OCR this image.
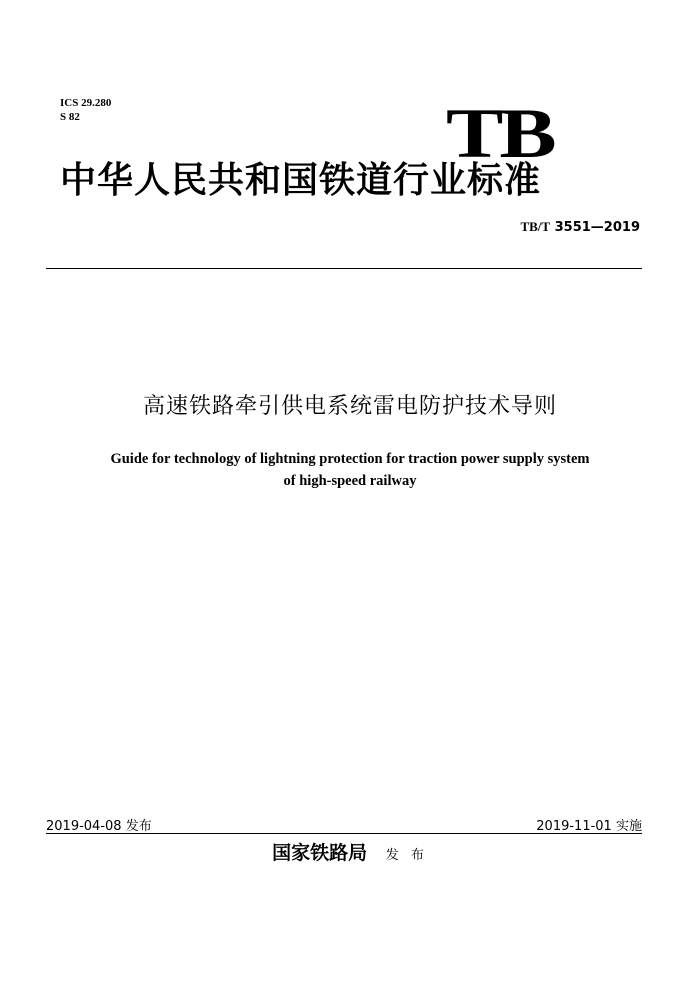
ICS 29.280
S 82	TB
中华人民共和国铁道行业标准
TB/T 3551—2019
高速铁路牵引供电系统雷电防护技术导则
Guide for technology of lightning protection for traction power supply system
of high-speed railway
2019-04-08 发布	2019-11-01 实施
国家铁路局 发 布
